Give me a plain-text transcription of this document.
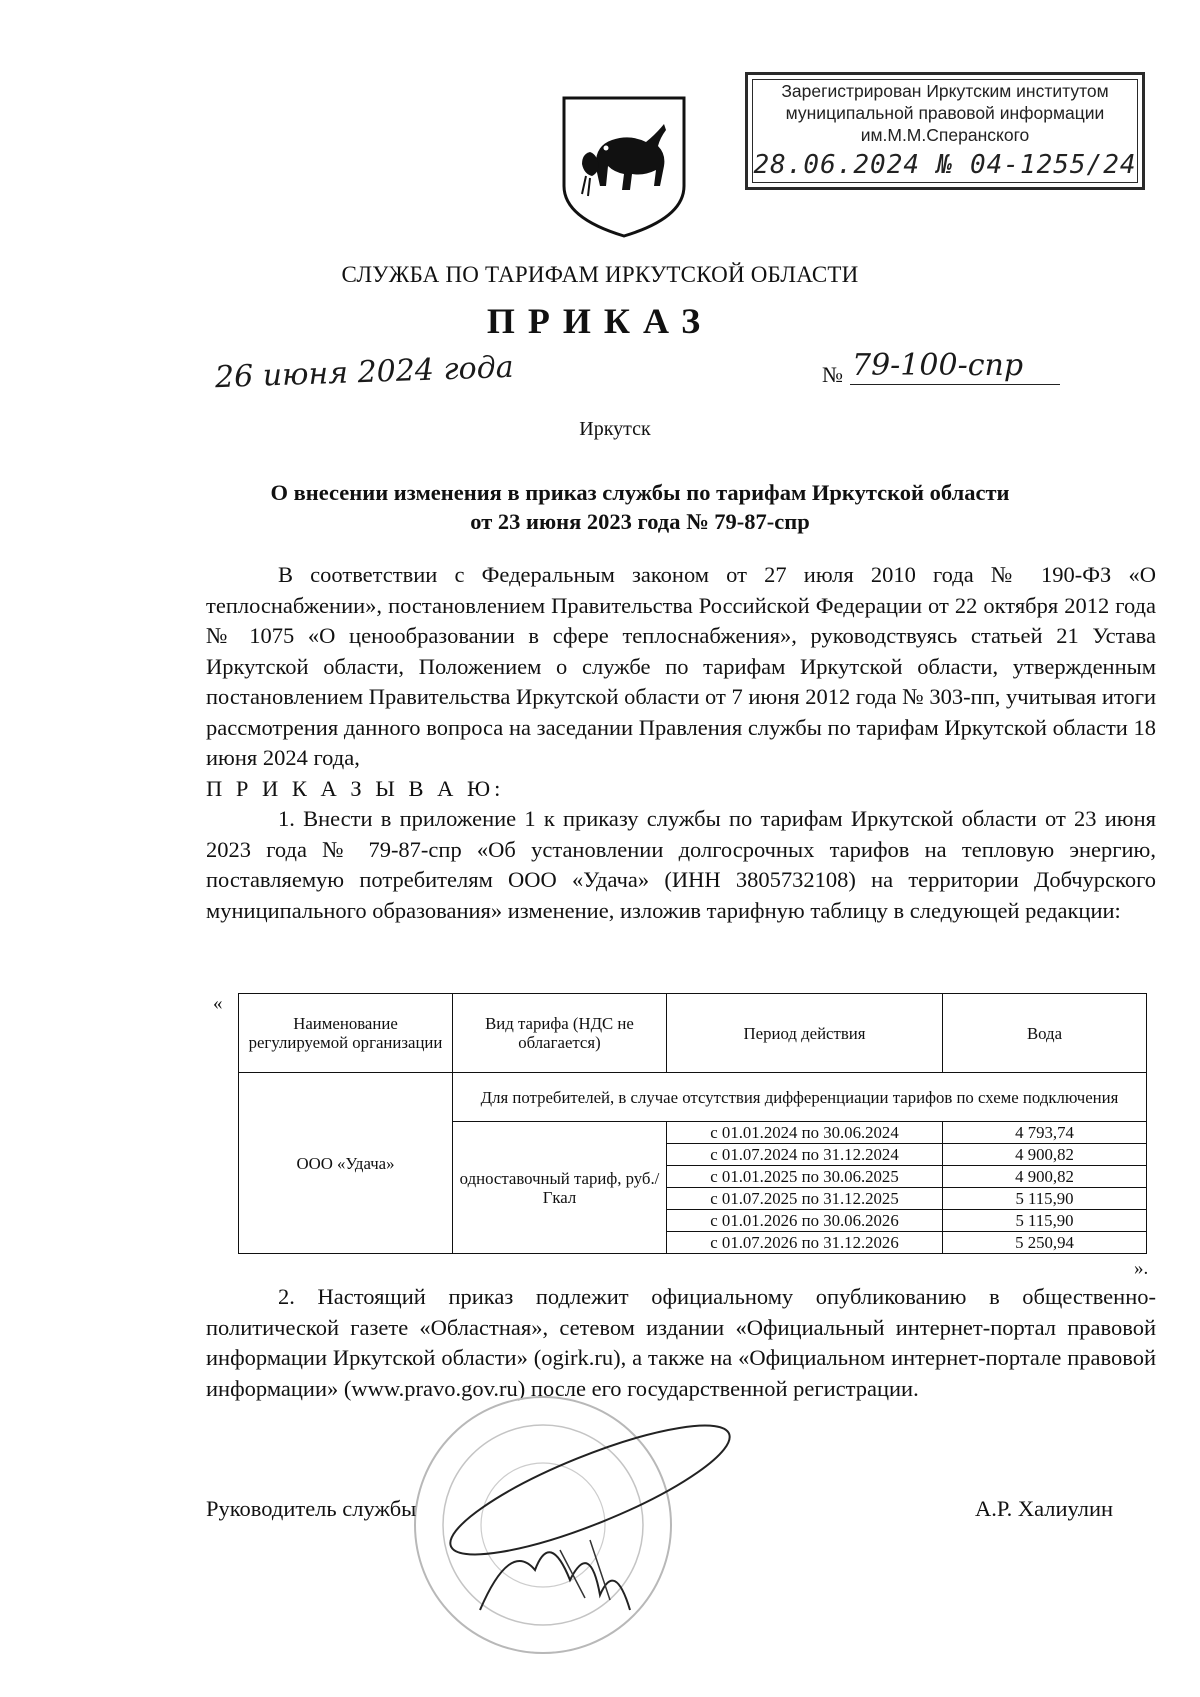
Зарегистрирован Иркутским институтом
муниципальной правовой информации
им.М.М.Сперанского
28.06.2024 № 04-1255/24
СЛУЖБА ПО ТАРИФАМ ИРКУТСКОЙ ОБЛАСТИ
ПРИКАЗ
26 июня 2024 года	№ 79-100-спр
Иркутск
О внесении изменения в приказ службы по тарифам Иркутской области
от 23 июня 2023 года № 79-87-спр
В соответствии с Федеральным законом от 27 июля 2010 года № 190-ФЗ «О теплоснабжении», постановлением Правительства Российской Федерации от 22 октября 2012 года № 1075 «О ценообразовании в сфере теплоснабжения», руководствуясь статьей 21 Устава Иркутской области, Положением о службе по тарифам Иркутской области, утвержденным постановлением Правительства Иркутской области от 7 июня 2012 года № 303-пп, учитывая итоги рассмотрения данного вопроса на заседании Правления службы по тарифам Иркутской области 18 июня 2024 года,
П Р И К А З Ы В А Ю:
1. Внести в приложение 1 к приказу службы по тарифам Иркутской области от 23 июня 2023 года № 79-87-спр «Об установлении долгосрочных тарифов на тепловую энергию, поставляемую потребителям ООО «Удача» (ИНН 3805732108) на территории Добчурского муниципального образования» изменение, изложив тарифную таблицу в следующей редакции:
«
Наименование регулируемой организации	Вид тарифа (НДС не облагается)	Период действия	Вода
ООО «Удача»	Для потребителей, в случае отсутствия дифференциации тарифов по схеме подключения		
	одноставочный тариф, руб./Гкал	с 01.01.2024 по 30.06.2024	4 793,74
		с 01.07.2024 по 31.12.2024	4 900,82
		с 01.01.2025 по 30.06.2025	4 900,82
		с 01.07.2025 по 31.12.2025	5 115,90
		с 01.01.2026 по 30.06.2026	5 115,90
		с 01.07.2026 по 31.12.2026	5 250,94
».
2. Настоящий приказ подлежит официальному опубликованию в общественно-политической газете «Областная», сетевом издании «Официальный интернет-портал правовой информации Иркутской области» (ogirk.ru), а также на «Официальном интернет-портале правовой информации» (www.pravo.gov.ru) после его государственной регистрации.
Руководитель службы	А.Р. Халиулин
